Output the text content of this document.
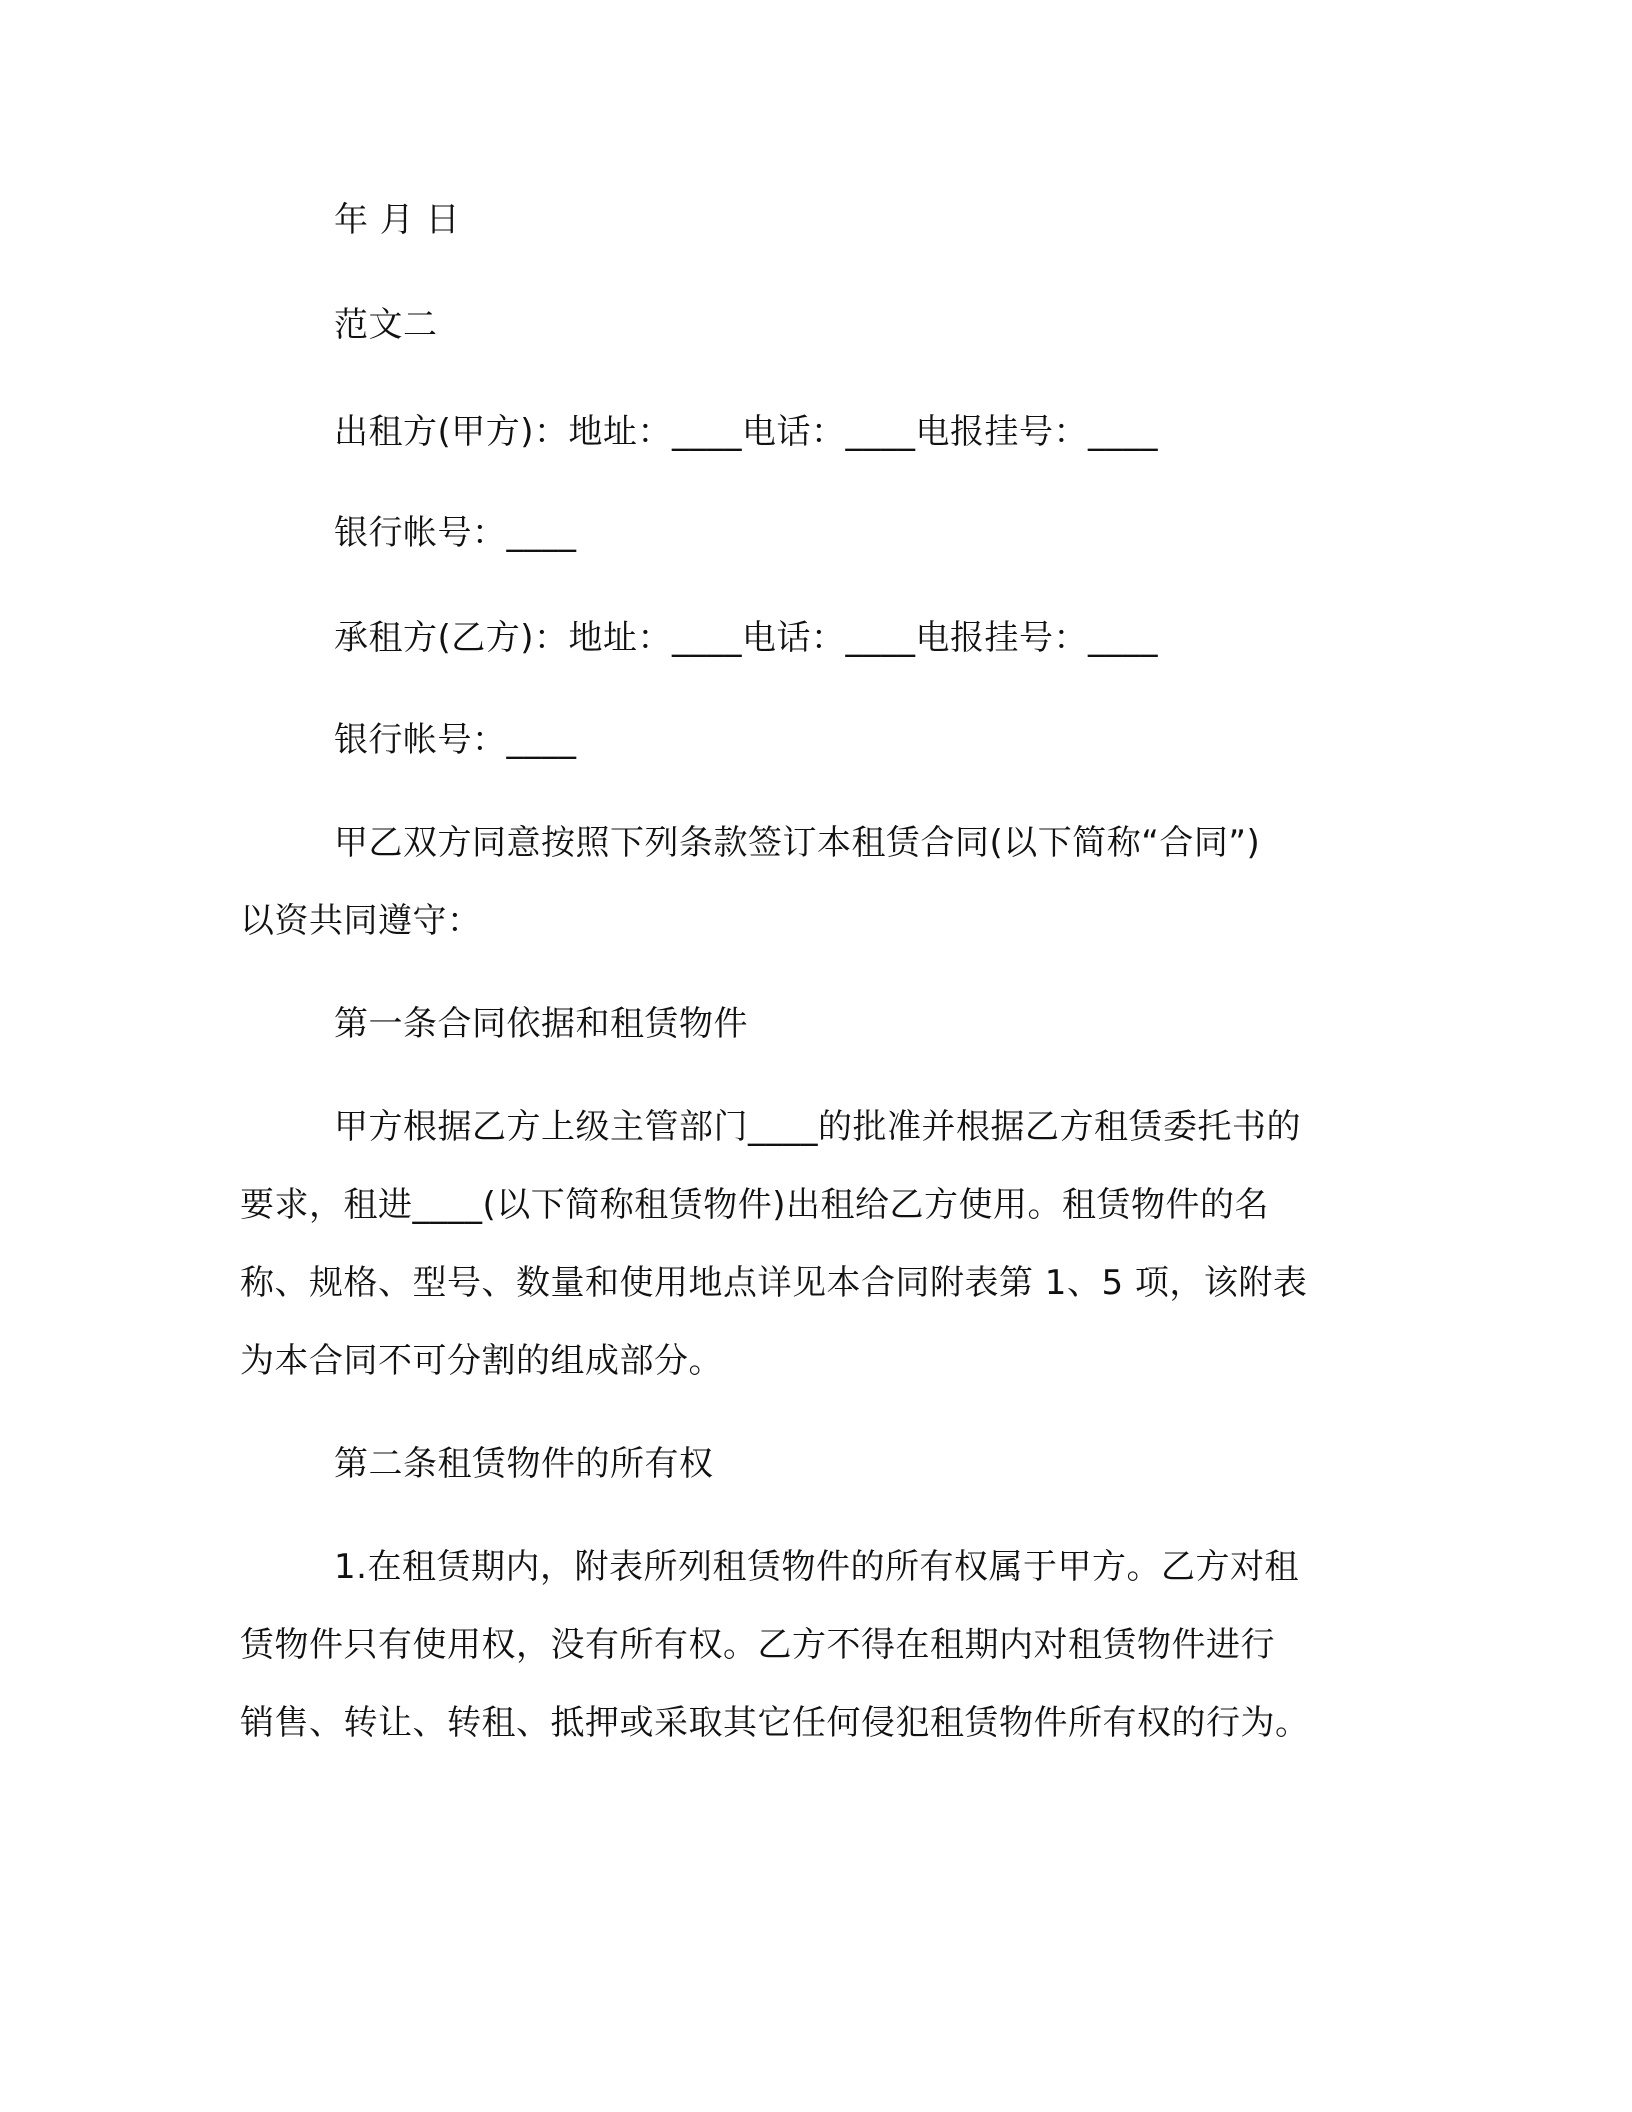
年 月 日
范文二
出租方(甲方)：地址：____电话：____电报挂号：____
银行帐号：____
承租方(乙方)：地址：____电话：____电报挂号：____
银行帐号：____
甲乙双方同意按照下列条款签订本租赁合同(以下简称“合同”)
以资共同遵守：
第一条合同依据和租赁物件
甲方根据乙方上级主管部门____的批准并根据乙方租赁委托书的
要求，租进____(以下简称租赁物件)出租给乙方使用。租赁物件的名
称、规格、型号、数量和使用地点详见本合同附表第 1、5 项，该附表
为本合同不可分割的组成部分。
第二条租赁物件的所有权
1.在租赁期内，附表所列租赁物件的所有权属于甲方。乙方对租
赁物件只有使用权，没有所有权。乙方不得在租期内对租赁物件进行
销售、转让、转租、抵押或采取其它任何侵犯租赁物件所有权的行为。
